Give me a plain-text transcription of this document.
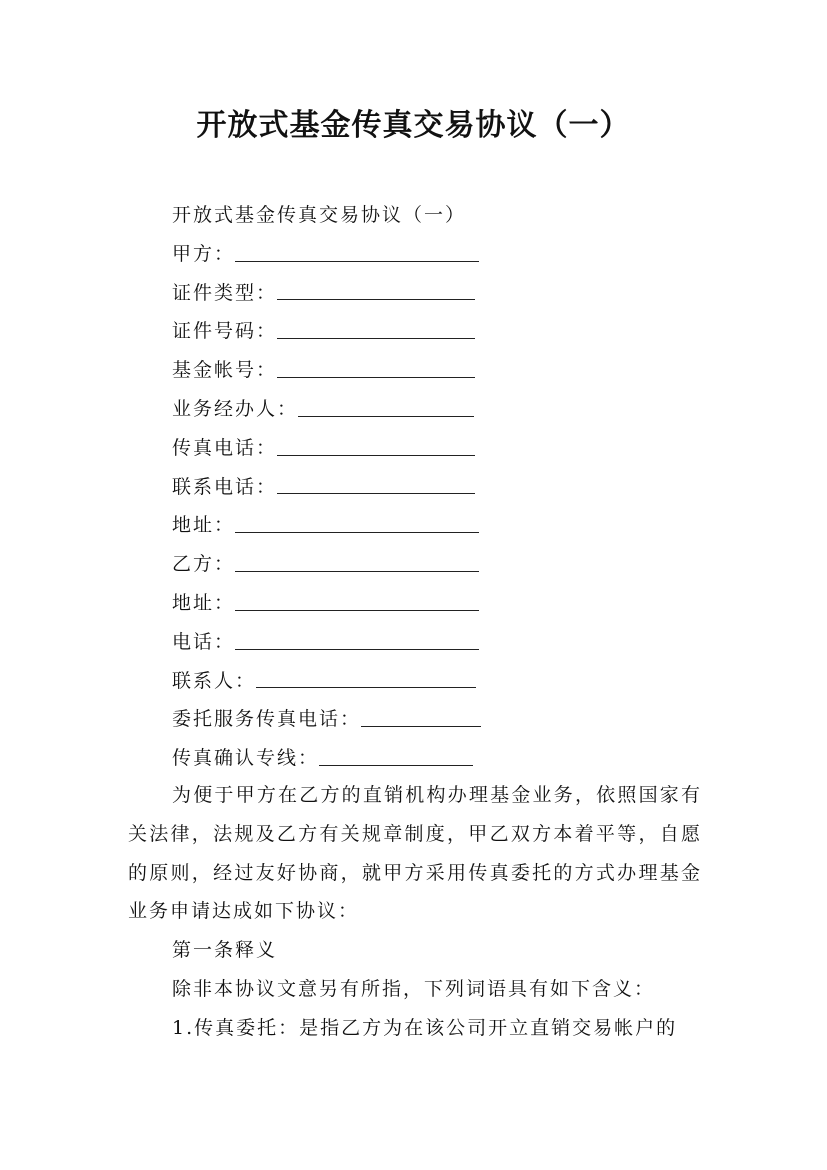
开放式基金传真交易协议（一）
开放式基金传真交易协议（一）
甲方：
证件类型：
证件号码：
基金帐号：
业务经办人：
传真电话：
联系电话：
地址：
乙方：
地址：
电话：
联系人：
委托服务传真电话：
传真确认专线：

为便于甲方在乙方的直销机构办理基金业务，依照国家有关法律，法规及乙方有关规章制度，甲乙双方本着平等，自愿的原则，经过友好协商，就甲方采用传真委托的方式办理基金业务申请达成如下协议：

第一条释义

除非本协议文意另有所指，下列词语具有如下含义：

1.传真委托：是指乙方为在该公司开立直销交易帐户的
